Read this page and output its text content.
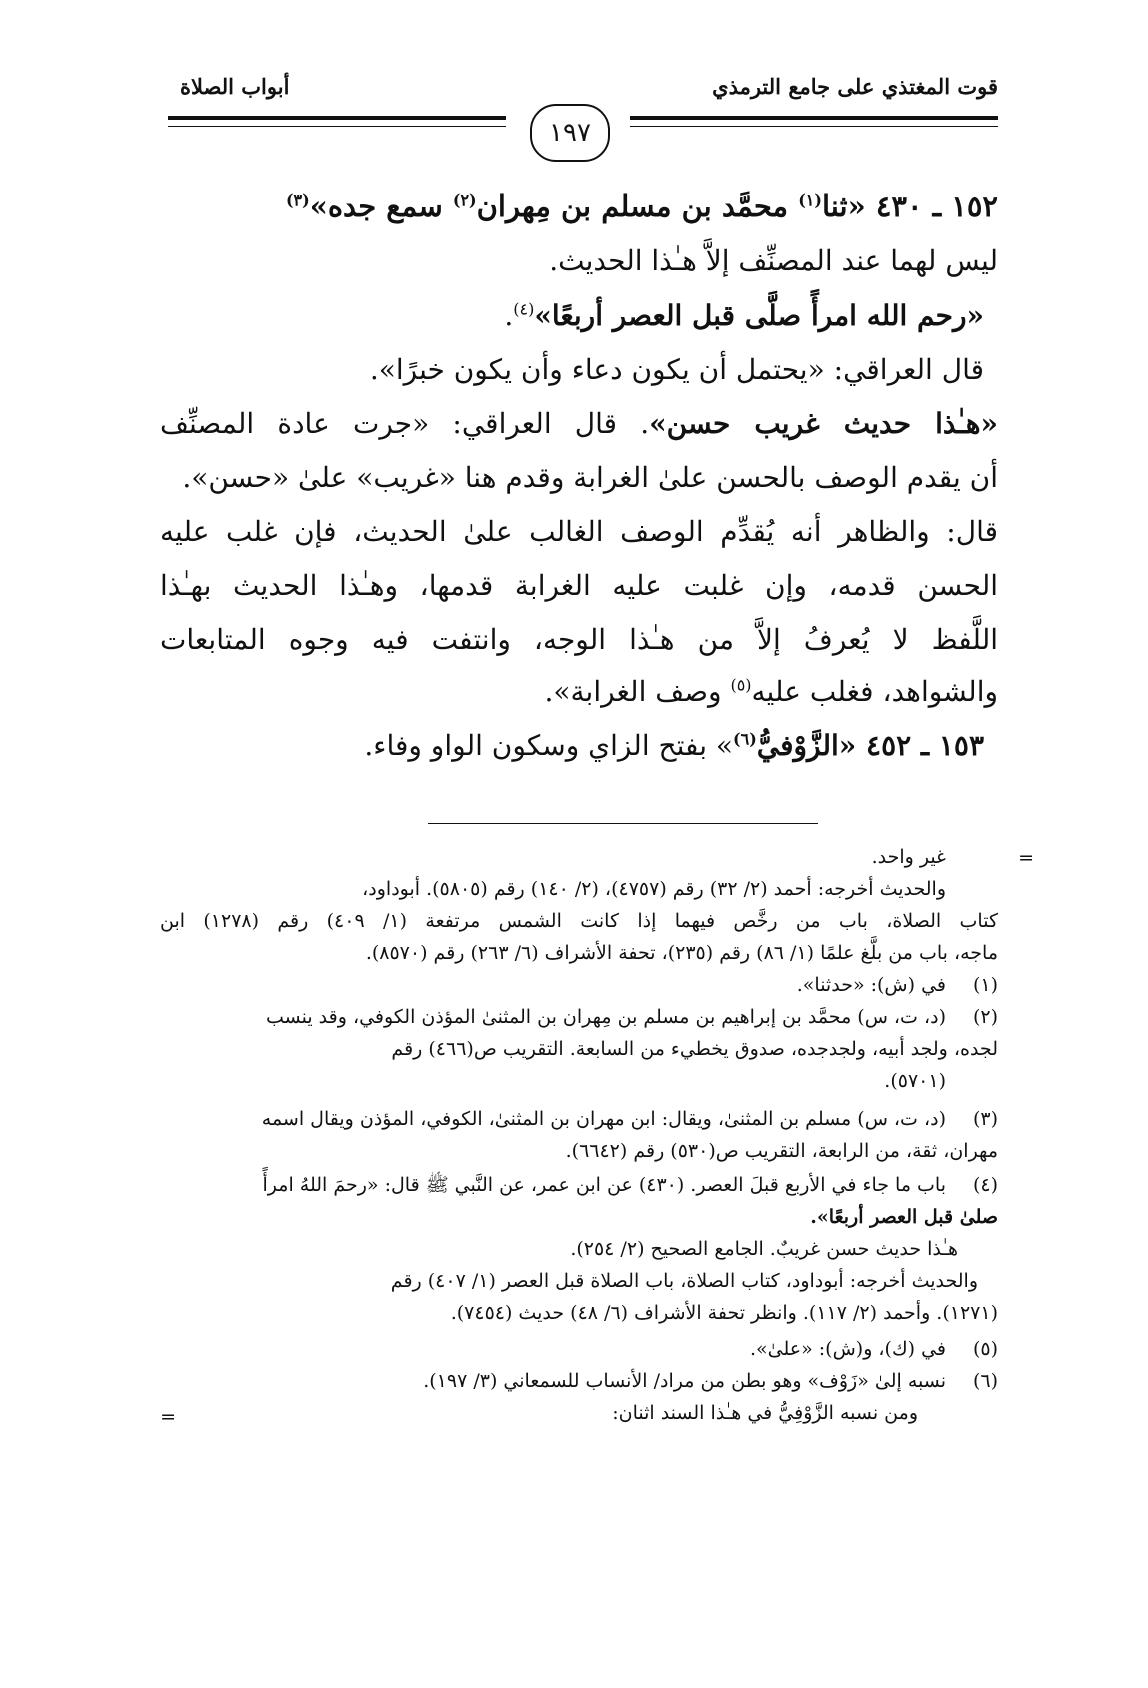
قوت المغتذي على جامع الترمذي
أبواب الصلاة
١٩٧
١٥٢ ـ ٤٣٠ «ثنا$^{(١)}$ محمَّد بن مسلم بن مِهران$^{(٢)}$ سمع جده»$^{(٣)}$
ليس لهما عند المصنِّف إلاَّ هـٰذا الحديث.
«رحم الله امرأً صلَّى قبل العصر أربعًا»$^{(٤)}$.
قال العراقي: «يحتمل أن يكون دعاء وأن يكون خبرًا».
«هـٰذا حديث غريب حسن». قال العراقي: «جرت عادة المصنِّف
أن يقدم الوصف بالحسن علىٰ الغرابة وقدم هنا «غريب» علىٰ «حسن».
قال: والظاهر أنه يُقدِّم الوصف الغالب علىٰ الحديث، فإن غلب عليه
الحسن قدمه، وإن غلبت عليه الغرابة قدمها، وهـٰذا الحديث بهـٰذا
اللَّفظ لا يُعرفُ إلاَّ من هـٰذا الوجه، وانتفت فيه وجوه المتابعات
والشواهد، فغلب عليه$^{(٥)}$ وصف الغرابة».
١٥٣ ـ ٤٥٢ «الزَّوْفيُّ$^{(٦)}$» بفتح الزاي وسكون الواو وفاء.
=
غير واحد.
والحديث أخرجه: أحمد (٢/ ٣٢) رقم (٤٧٥٧)، (٢/ ١٤٠) رقم (٥٨٠٥). أبوداود،
كتاب الصلاة، باب من رخَّص فيهما إذا كانت الشمس مرتفعة (١/ ٤٠٩) رقم (١٢٧٨) ابن
ماجه، باب من بلَّغ علمًا (١/ ٨٦) رقم (٢٣٥)، تحفة الأشراف (٦/ ٢٦٣) رقم (٨٥٧٠).
(١)
في (ش): «حدثنا».
(٢)
(د، ت، س) محمَّد بن إبراهيم بن مسلم بن مِهران بن المثنىٰ المؤذن الكوفي، وقد ينسب
لجده، ولجد أبيه، ولجدجده، صدوق يخطيء من السابعة. التقريب ص(٤٦٦) رقم
(٥٧٠١).
(٣)
(د، ت، س) مسلم بن المثنىٰ، ويقال: ابن مهران بن المثنىٰ، الكوفي، المؤذن ويقال اسمه
مهران، ثقة، من الرابعة، التقريب ص(٥٣٠) رقم (٦٦٤٢).
(٤)
باب ما جاء في الأربع قبلَ العصر. (٤٣٠) عن ابن عمر، عن النَّبي ﷺ قال: «رحمَ اللهُ امرأً
صلىٰ قبل العصر أربعًا».
هـٰذا حديث حسن غريبٌ. الجامع الصحيح (٢/ ٢٥٤).
والحديث أخرجه: أبوداود، كتاب الصلاة، باب الصلاة قبل العصر (١/ ٤٠٧) رقم
(١٢٧١). وأحمد (٢/ ١١٧). وانظر تحفة الأشراف (٦/ ٤٨) حديث (٧٤٥٤).
(٥)
في (ك)، و(ش): «علىٰ».
(٦)
نسبه إلىٰ «زَوْف» وهو بطن من مراد/ الأنساب للسمعاني (٣/ ١٩٧).
ومن نسبه الزَّوْفِيُّ في هـٰذا السند اثنان:
=
